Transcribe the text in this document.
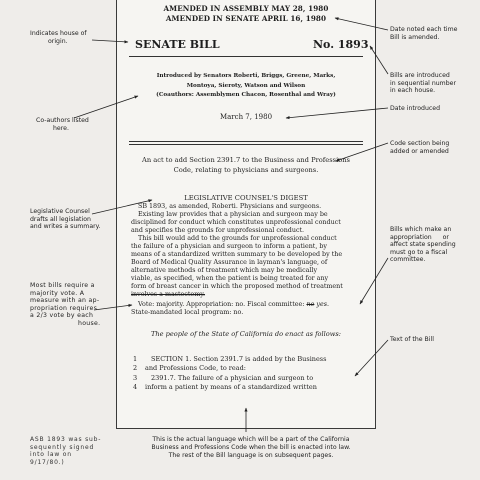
AMENDED IN ASSEMBLY MAY 28, 1980
AMENDED IN SENATE APRIL 16, 1980
SENATE BILL	No. 1893
Introduced by Senators Roberti, Briggs, Greene, Marks,
Montoya, Sieroty, Watson and Wilson
(Coauthors: Assemblymen Chacon, Rosenthal and Wray)
March 7, 1980
An act to add Section 2391.7 to the Business and Professions
Code, relating to physicians and surgeons.
LEGISLATIVE COUNSEL'S DIGEST
SB 1893, as amended, Roberti. Physicians and surgeons.
Existing law provides that a physician and surgeon may be
disciplined for conduct which constitutes unprofessional conduct
and specifies the grounds for unprofessional conduct.
This bill would add to the grounds for unprofessional conduct
the failure of a physician and surgeon to inform a patient, by
means of a standardized written summary to be developed by the
Board of Medical Quality Assurance in layman's language, of
alternative methods of treatment which may be medically
viable, as specified, when the patient is being treated for any
form of breast cancer in which the proposed method of treatment
involves a mastectomy.
Vote: majority. Appropriation: no. Fiscal committee: no yes.
State-mandated local program: no.
The people of the State of California do enact as follows:
1 SECTION 1. Section 2391.7 is added by the Business
2 and Professions Code, to read:
3 2391.7. The failure of a physician and surgeon to
4 inform a patient by means of a standardized written
Indicates house of
origin.
Co-authors listed
here.
Legislative Counsel
drafts all legislation
and writes a summary.
Most bills require a
majority vote. A
measure with an ap-
propriation requires
a 2/3 vote by each
house.
Date noted each time
Bill is amended.
Bills are introduced
in sequential number
in each house.
Date introduced
Code section being
added or amended
Bills which make an
appropriation or
affect state spending
must go to a fiscal
committee.
Text of the Bill
This is the actual language which will be a part of the California
Business and Professions Code when the bill is enacted into law.
The rest of the Bill language is on subsequent pages.
ASB 1893 was sub-
sequently signed
into law on
9/17/80.)
